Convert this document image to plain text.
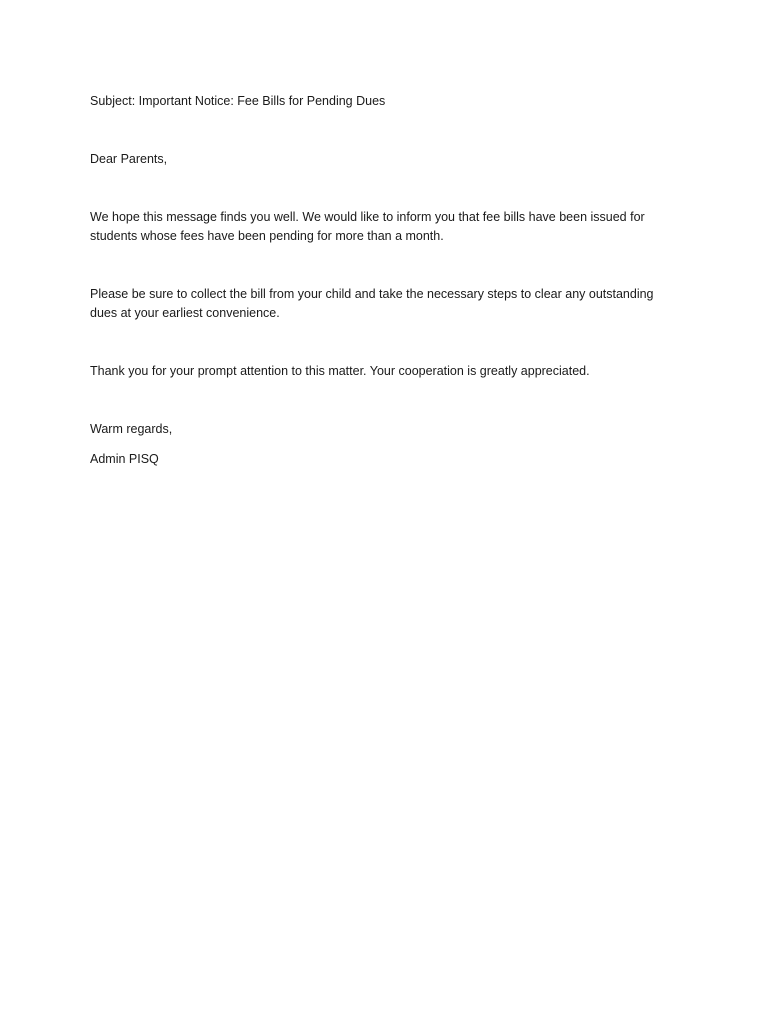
Subject: Important Notice: Fee Bills for Pending Dues

Dear Parents,

We hope this message finds you well. We would like to inform you that fee bills have been issued for
students whose fees have been pending for more than a month.

Please be sure to collect the bill from your child and take the necessary steps to clear any outstanding
dues at your earliest convenience.

Thank you for your prompt attention to this matter. Your cooperation is greatly appreciated.

Warm regards,

Admin PISQ
